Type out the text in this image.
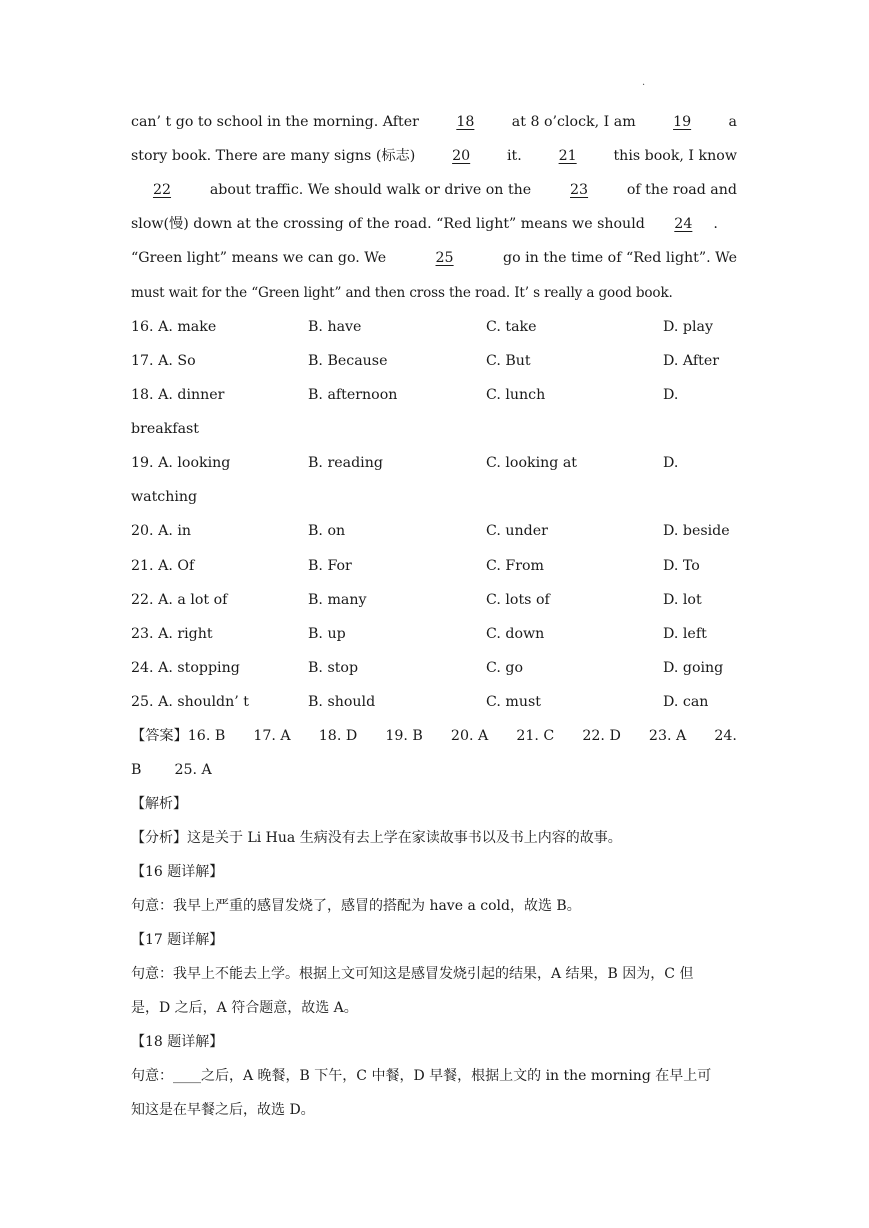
·
can’ t go to school in the morning. After	18	at 8 o’clock, I am	19	a
story book. There are many signs (标志)	20	it.	21	this book, I know
22	about traffic. We should walk or drive on the	23	of the road and
slow(慢) down at the crossing of the road. “Red light” means we should 24 .
“Green light” means we can go. We	25	go in the time of “Red light”. We
must wait for the “Green light” and then cross the road. It’ s really a good book.
16. A. make	B. have	C. take	D. play
17. A. So	B. Because	C. But	D. After
18. A. dinner	B. afternoon	C. lunch	D.
breakfast
19. A. looking	B. reading	C. looking at	D.
watching
20. A. in	B. on	C. under	D. beside
21. A. Of	B. For	C. From	D. To
22. A. a lot of	B. many	C. lots of	D. lot
23. A. right	B. up	C. down	D. left
24. A. stopping	B. stop	C. go	D. going
25. A. shouldn’ t	B. should	C. must	D. can
【答案】16. B 17. A 18. D 19. B 20. A 21. C 22. D 23. A 24.
B 25. A
【解析】
【分析】这是关于 Li Hua 生病没有去上学在家读故事书以及书上内容的故事。
【16 题详解】
句意：我早上严重的感冒发烧了，感冒的搭配为 have a cold，故选 B。
【17 题详解】
句意：我早上不能去上学。根据上文可知这是感冒发烧引起的结果，A 结果，B 因为，C 但
是，D 之后，A 符合题意，故选 A。
【18 题详解】
句意：____之后，A 晚餐，B 下午，C 中餐，D 早餐，根据上文的 in the morning 在早上可
知这是在早餐之后，故选 D。
